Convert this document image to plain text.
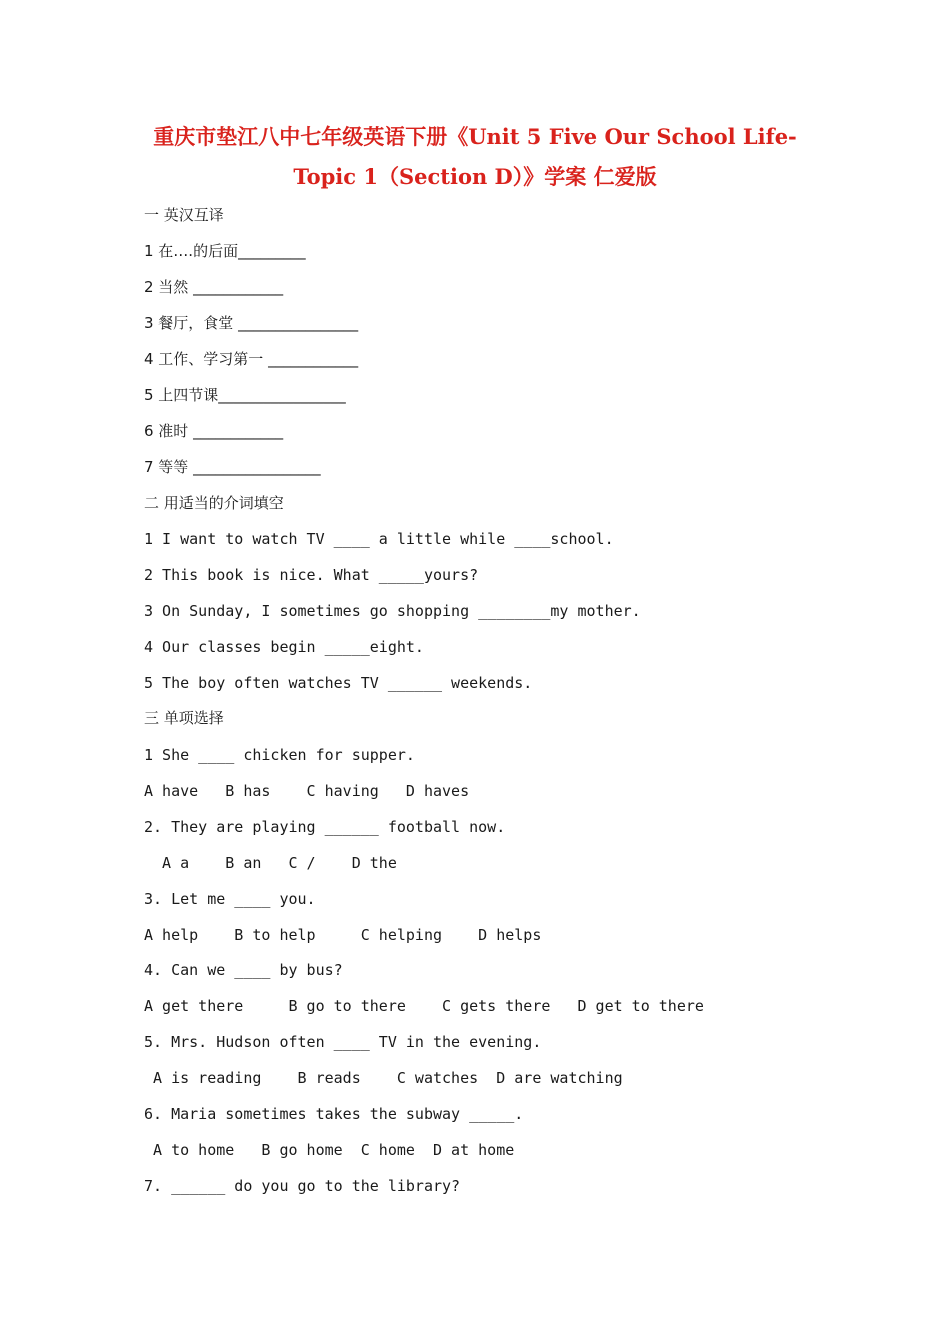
重庆市垫江八中七年级英语下册《Unit 5 Five Our School Life-
Topic 1（Section D）》学案 仁爱版
一 英汉互译
1 在….的后面_________
2 当然 ____________
3 餐厅，食堂 ________________
4 工作、学习第一 ____________
5 上四节课_________________
6 准时 ____________
7 等等 _________________
二 用适当的介词填空
1 I want to watch TV ____ a little while ____school.
2 This book is nice. What _____yours?
3 On Sunday, I sometimes go shopping ________my mother.
4 Our classes begin _____eight.
5 The boy often watches TV ______ weekends.
三 单项选择
1 She ____ chicken for supper.
A have   B has    C having   D haves
2. They are playing ______ football now.
A a    B an   C /    D the
3. Let me ____ you.
A help    B to help     C helping    D helps
4. Can we ____ by bus?
A get there     B go to there    C gets there   D get to there
5. Mrs. Hudson often ____ TV in the evening.
A is reading    B reads    C watches  D are watching
6. Maria sometimes takes the subway _____.
A to home   B go home  C home  D at home
7. ______ do you go to the library?
